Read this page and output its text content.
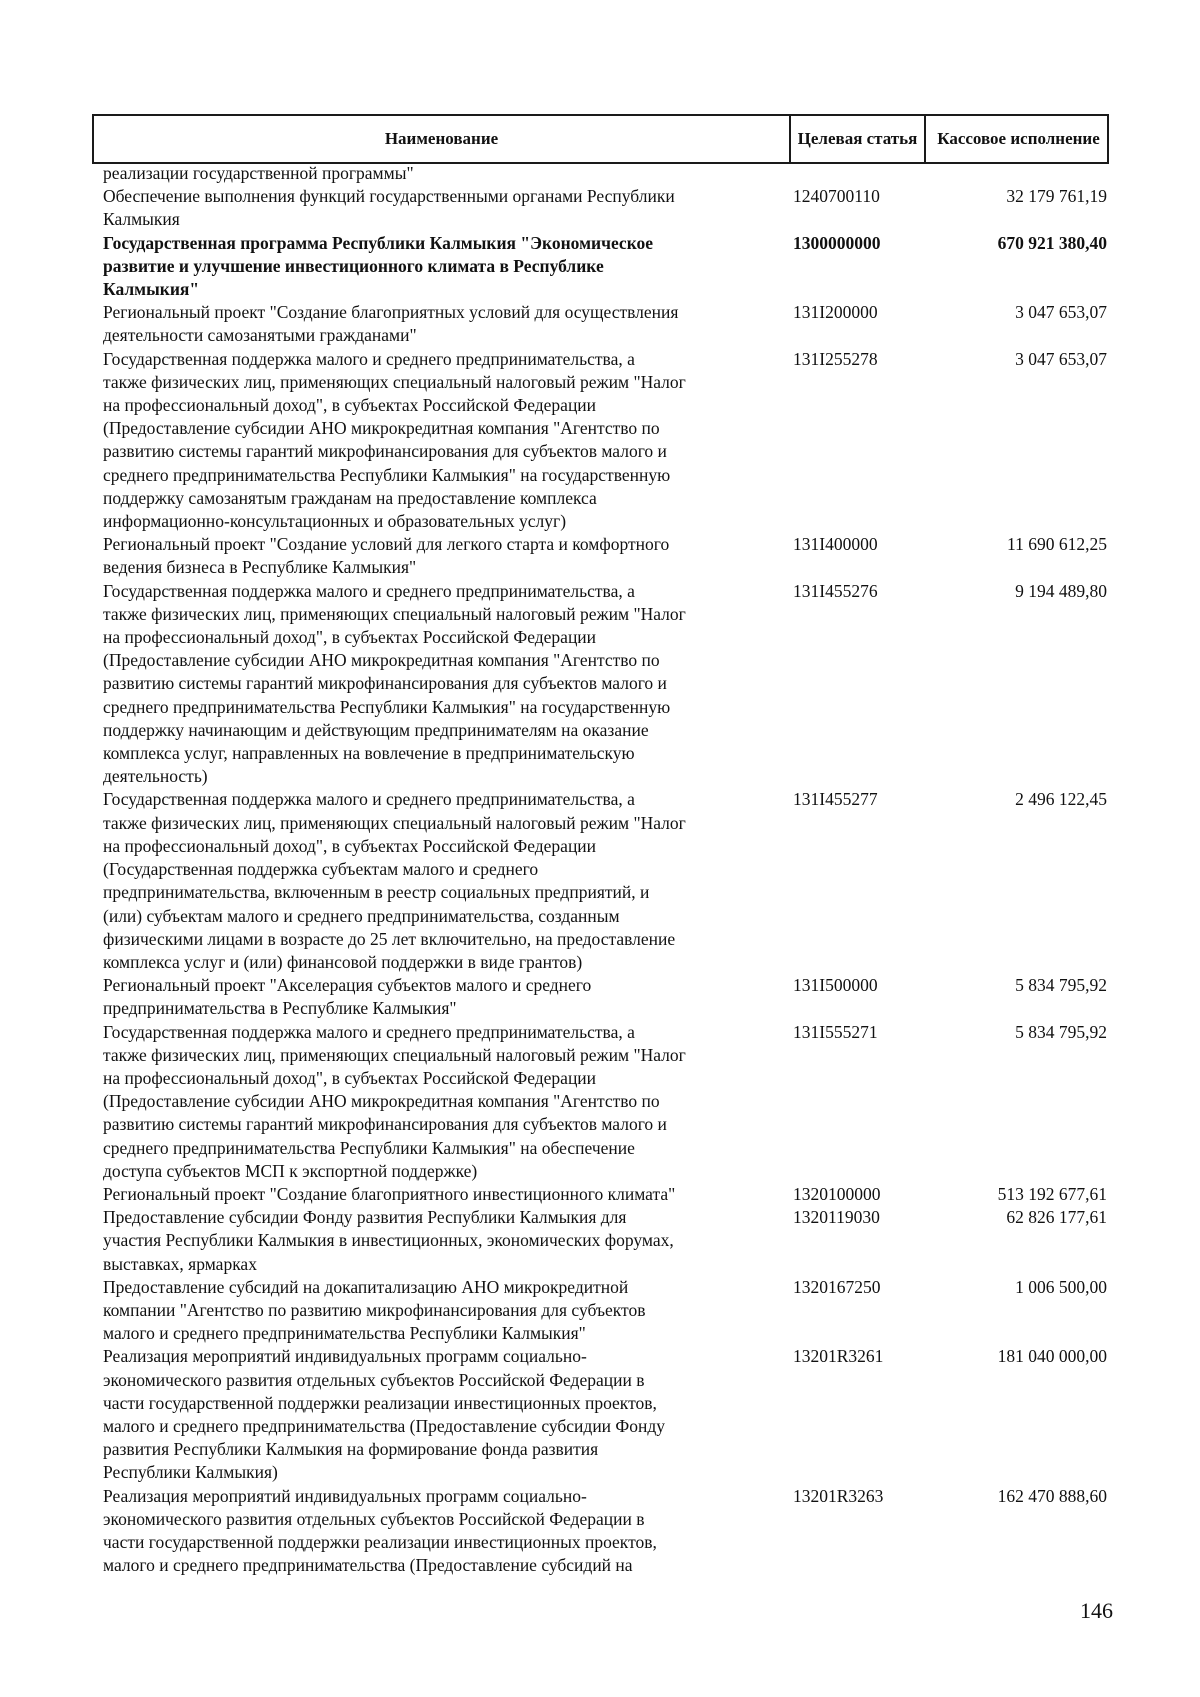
Наименование	Целевая статья	Кассовое исполнение
реализации государственной программы"
Обеспечение выполнения функций государственными органами Республики
Калмыкия
1240700110	32 179 761,19
Государственная программа Республики Калмыкия "Экономическое
развитие и улучшение инвестиционного климата в Республике
Калмыкия"
1300000000	670 921 380,40
Региональный проект "Создание благоприятных условий для осуществления
деятельности самозанятыми гражданами"
131I200000	3 047 653,07
Государственная поддержка малого и среднего предпринимательства, а
также физических лиц, применяющих специальный налоговый режим "Налог
на профессиональный доход", в субъектах Российской Федерации
(Предоставление субсидии АНО микрокредитная компания "Агентство по
развитию системы гарантий микрофинансирования для субъектов малого и
среднего предпринимательства Республики Калмыкия" на государственную
поддержку самозанятым гражданам на предоставление комплекса
информационно-консультационных и образовательных услуг)
131I255278	3 047 653,07
Региональный проект "Создание условий для легкого старта и комфортного
ведения бизнеса в Республике Калмыкия"
131I400000	11 690 612,25
Государственная поддержка малого и среднего предпринимательства, а
также физических лиц, применяющих специальный налоговый режим "Налог
на профессиональный доход", в субъектах Российской Федерации
(Предоставление субсидии АНО микрокредитная компания "Агентство по
развитию системы гарантий микрофинансирования для субъектов малого и
среднего предпринимательства Республики Калмыкия" на государственную
поддержку начинающим и действующим предпринимателям на оказание
комплекса услуг, направленных на вовлечение в предпринимательскую
деятельность)
131I455276	9 194 489,80
Государственная поддержка малого и среднего предпринимательства, а
также физических лиц, применяющих специальный налоговый режим "Налог
на профессиональный доход", в субъектах Российской Федерации
(Государственная поддержка субъектам малого и среднего
предпринимательства, включенным в реестр социальных предприятий, и
(или) субъектам малого и среднего предпринимательства, созданным
физическими лицами в возрасте до 25 лет включительно, на предоставление
комплекса услуг и (или) финансовой поддержки в виде грантов)
131I455277	2 496 122,45
Региональный проект "Акселерация субъектов малого и среднего
предпринимательства в Республике Калмыкия"
131I500000	5 834 795,92
Государственная поддержка малого и среднего предпринимательства, а
также физических лиц, применяющих специальный налоговый режим "Налог
на профессиональный доход", в субъектах Российской Федерации
(Предоставление субсидии АНО микрокредитная компания "Агентство по
развитию системы гарантий микрофинансирования для субъектов малого и
среднего предпринимательства Республики Калмыкия" на обеспечение
доступа субъектов МСП к экспортной поддержке)
131I555271	5 834 795,92
Региональный проект "Создание благоприятного инвестиционного климата"	1320100000	513 192 677,61
Предоставление субсидии Фонду развития Республики Калмыкия для
участия Республики Калмыкия в инвестиционных, экономических форумах,
выставках, ярмарках
1320119030	62 826 177,61
Предоставление субсидий на докапитализацию АНО микрокредитной
компании "Агентство по развитию микрофинансирования для субъектов
малого и среднего предпринимательства Республики Калмыкия"
1320167250	1 006 500,00
Реализация мероприятий индивидуальных программ социально-
экономического развития отдельных субъектов Российской Федерации в
части государственной поддержки реализации инвестиционных проектов,
малого и среднего предпринимательства (Предоставление субсидии Фонду
развития Республики Калмыкия на формирование фонда развития
Республики Калмыкия)
13201R3261	181 040 000,00
Реализация мероприятий индивидуальных программ социально-
экономического развития отдельных субъектов Российской Федерации в
части государственной поддержки реализации инвестиционных проектов,
малого и среднего предпринимательства (Предоставление субсидий на
13201R3263	162 470 888,60
146
